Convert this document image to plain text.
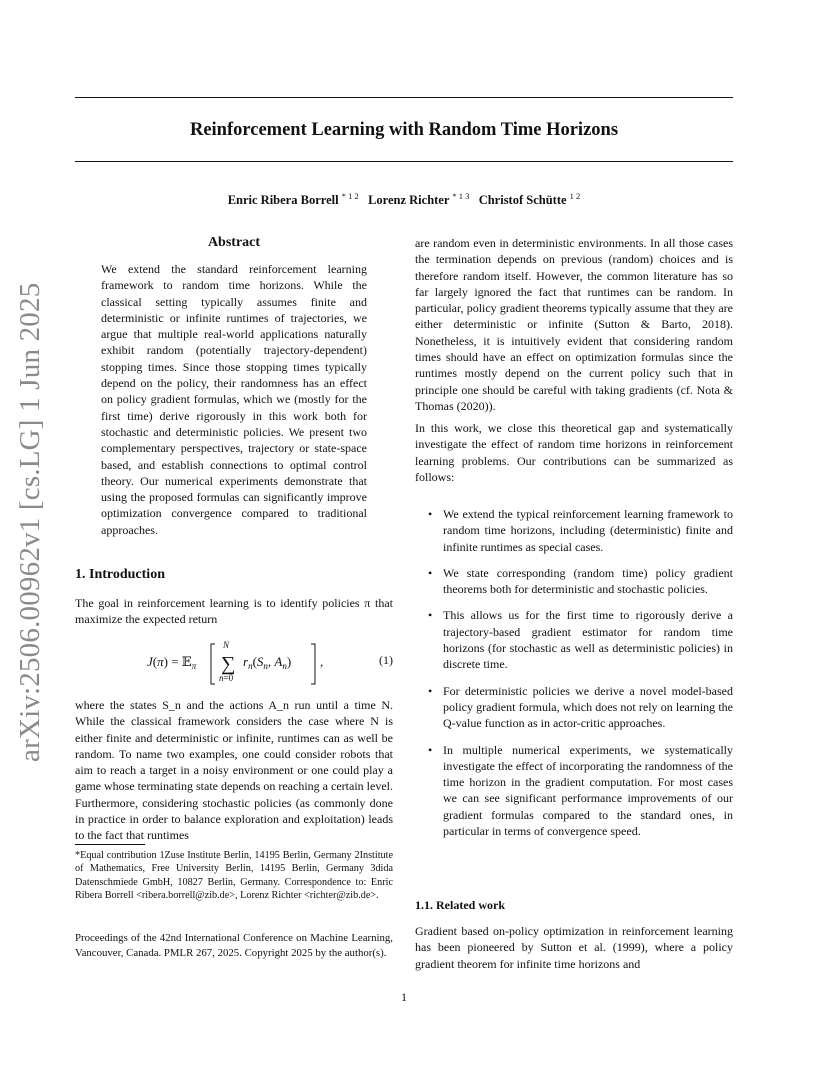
arXiv:2506.00962v1 [cs.LG] 1 Jun 2025
Reinforcement Learning with Random Time Horizons
Enric Ribera Borrell $^{* 1 2}$ Lorenz Richter $^{* 1 3}$ Christof Schütte $^{1 2}$
Abstract

We extend the standard reinforcement learning framework to random time horizons. While the classical setting typically assumes finite and deterministic or infinite runtimes of trajectories, we argue that multiple real-world applications naturally exhibit random (potentially trajectory-dependent) stopping times. Since those stopping times typically depend on the policy, their randomness has an effect on policy gradient formulas, which we (mostly for the first time) derive rigorously in this work both for stochastic and deterministic policies. We present two complementary perspectives, trajectory or state-space based, and establish connections to optimal control theory. Our numerical experiments demonstrate that using the proposed formulas can significantly improve optimization convergence compared to traditional approaches.

1. Introduction

The goal in reinforcement learning is to identify policies π that maximize the expected return

J(π) = 𝔼$_\pi$ ∑
N
n=0
$r_n(S_n$, $A_n$) ,	(1)

where the states S_n and the actions A_n run until a time N. While the classical framework considers the case where N is either finite and deterministic or infinite, runtimes can as well be random. To name two examples, one could consider robots that aim to reach a target in a noisy environment or one could play a game whose terminating state depends on reaching a certain level. Furthermore, considering stochastic policies (as commonly done in practice in order to balance exploration and exploitation) leads to the fact that runtimes

*Equal contribution 1Zuse Institute Berlin, 14195 Berlin, Germany 2Institute of Mathematics, Free University Berlin, 14195 Berlin, Germany 3dida Datenschmiede GmbH, 10827 Berlin, Germany. Correspondence to: Enric Ribera Borrell <ribera.borrell@zib.de>, Lorenz Richter <richter@zib.de>.

Proceedings of the 42nd International Conference on Machine Learning, Vancouver, Canada. PMLR 267, 2025. Copyright 2025 by the author(s).

are random even in deterministic environments. In all those cases the termination depends on previous (random) choices and is therefore random itself. However, the common literature has so far largely ignored the fact that runtimes can be random. In particular, policy gradient theorems typically assume that they are either deterministic or infinite (Sutton & Barto, 2018). Nonetheless, it is intuitively evident that considering random times should have an effect on optimization formulas since the runtimes mostly depend on the current policy such that in principle one should be careful with taking gradients (cf. Nota & Thomas (2020)).

In this work, we close this theoretical gap and systematically investigate the effect of random time horizons in reinforcement learning problems. Our contributions can be summarized as follows:

• We extend the typical reinforcement learning framework to random time horizons, including (deterministic) finite and infinite runtimes as special cases.
• We state corresponding (random time) policy gradient theorems both for deterministic and stochastic policies.
• This allows us for the first time to rigorously derive a trajectory-based gradient estimator for random time horizons (for stochastic as well as deterministic policies) in discrete time.
• For deterministic policies we derive a novel model-based policy gradient formula, which does not rely on learning the Q-value function as in actor-critic approaches.
• In multiple numerical experiments, we systematically investigate the effect of incorporating the randomness of the time horizon in the gradient computation. For most cases we can see significant performance improvements of our gradient formulas compared to the standard ones, in particular in terms of convergence speed.
1.1. Related work

Gradient based on-policy optimization in reinforcement learning has been pioneered by Sutton et al. (1999), where a policy gradient theorem for infinite time horizons and

1
